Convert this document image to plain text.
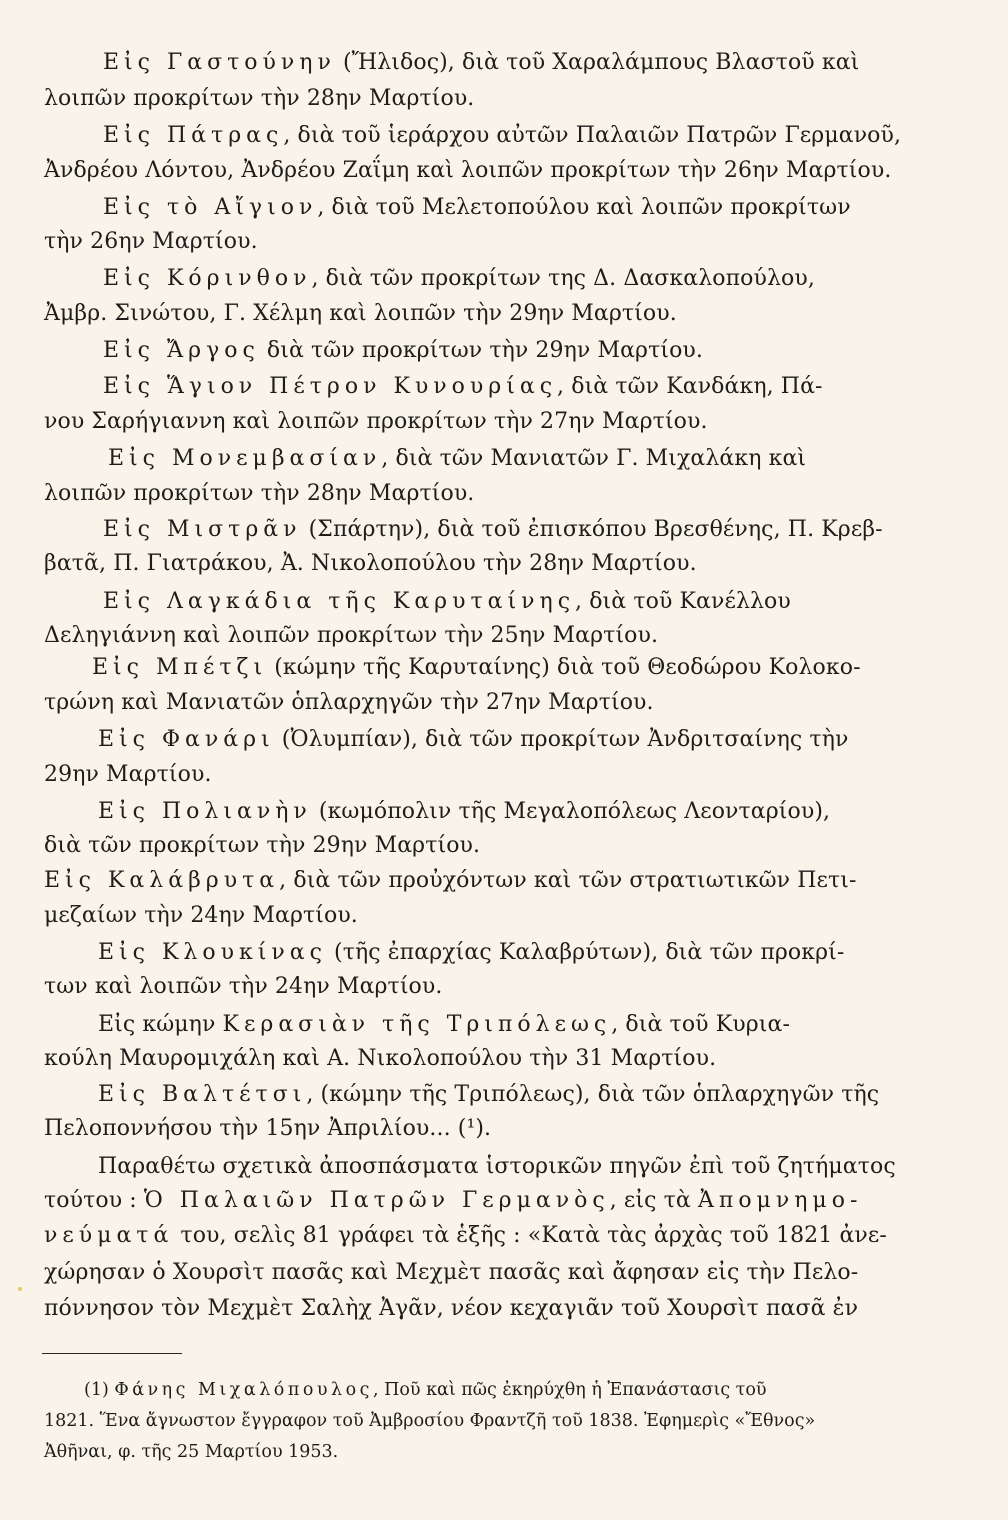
Εἰς Γαστούνην (Ἤλιδος), διὰ τοῦ Χαραλάμπους Βλαστοῦ καὶ
λοιπῶν προκρίτων τὴν 28ην Μαρτίου.
Εἰς Πάτρας, διὰ τοῦ ἱεράρχου αὐτῶν Παλαιῶν Πατρῶν Γερμανοῦ,
Ἀνδρέου Λόντου, Ἀνδρέου Ζαΐμη καὶ λοιπῶν προκρίτων τὴν 26ην Μαρτίου.
Εἰς τὸ Αἴγιον, διὰ τοῦ Μελετοπούλου καὶ λοιπῶν προκρίτων
τὴν 26ην Μαρτίου.
Εἰς Κόρινθον, διὰ τῶν προκρίτων της Δ. Δασκαλοπούλου,
Ἀμβρ. Σινώτου, Γ. Χέλμη καὶ λοιπῶν τὴν 29ην Μαρτίου.
Εἰς Ἄργος διὰ τῶν προκρίτων τὴν 29ην Μαρτίου.
Εἰς Ἅγιον Πέτρον Κυνουρίας, διὰ τῶν Κανδάκη, Πά-
νου Σαρήγιαννη καὶ λοιπῶν προκρίτων τὴν 27ην Μαρτίου.
Εἰς Μονεμβασίαν, διὰ τῶν Μανιατῶν Γ. Μιχαλάκη καὶ
λοιπῶν προκρίτων τὴν 28ην Μαρτίου.
Εἰς Μιστρᾶν (Σπάρτην), διὰ τοῦ ἐπισκόπου Βρεσθένης, Π. Κρεβ-
βατᾶ, Π. Γιατράκου, Ἀ. Νικολοπούλου τὴν 28ην Μαρτίου.
Εἰς Λαγκάδια τῆς Καρυταίνης, διὰ τοῦ Κανέλλου
Δεληγιάννη καὶ λοιπῶν προκρίτων τὴν 25ην Μαρτίου.
Εἰς Μπέτζι (κώμην τῆς Καρυταίνης) διὰ τοῦ Θεοδώρου Κολοκο-
τρώνη καὶ Μανιατῶν ὁπλαρχηγῶν τὴν 27ην Μαρτίου.
Εἰς Φανάρι (Ὀλυμπίαν), διὰ τῶν προκρίτων Ἀνδριτσαίνης τὴν
29ην Μαρτίου.
Εἰς Πολιανὴν (κωμόπολιν τῆς Μεγαλοπόλεως Λεονταρίου),
διὰ τῶν προκρίτων τὴν 29ην Μαρτίου.
Εἰς Καλάβρυτα, διὰ τῶν προὐχόντων καὶ τῶν στρατιωτικῶν Πετι-
μεζαίων τὴν 24ην Μαρτίου.
Εἰς Κλουκίνας (τῆς ἐπαρχίας Καλαβρύτων), διὰ τῶν προκρί-
των καὶ λοιπῶν τὴν 24ην Μαρτίου.
Εἰς κώμην Κερασιὰν τῆς Τριπόλεως, διὰ τοῦ Κυρια-
κούλη Μαυρομιχάλη καὶ Α. Νικολοπούλου τὴν 31 Μαρτίου.
Εἰς Βαλτέτσι, (κώμην τῆς Τριπόλεως), διὰ τῶν ὁπλαρχηγῶν τῆς
Πελοποννήσου τὴν 15ην Ἀπριλίου... (¹).
Παραθέτω σχετικὰ ἀποσπάσματα ἱστορικῶν πηγῶν ἐπὶ τοῦ ζητήματος
τούτου : Ὁ Παλαιῶν Πατρῶν Γερμανὸς, εἰς τὰ Ἀπομνημο-
νεύματά του, σελὶς 81 γράφει τὰ ἑξῆς : «Κατὰ τὰς ἀρχὰς τοῦ 1821 ἀνε-
χώρησαν ὁ Χουρσὶτ πασᾶς καὶ Μεχμὲτ πασᾶς καὶ ἄφησαν εἰς τὴν Πελο-
πόννησον τὸν Μεχμὲτ Σαλὴχ Ἀγᾶν, νέον κεχαγιᾶν τοῦ Χουρσὶτ πασᾶ ἐν
(1) Φάνης Μιχαλόπουλος, Ποῦ καὶ πῶς ἐκηρύχθη ἡ Ἐπανάστασις τοῦ
1821. Ἕνα ἄγνωστον ἔγγραφον τοῦ Ἀμβροσίου Φραντζῆ τοῦ 1838. Ἐφημερὶς «Ἔθνος»
Ἀθῆναι, φ. τῆς 25 Μαρτίου 1953.
